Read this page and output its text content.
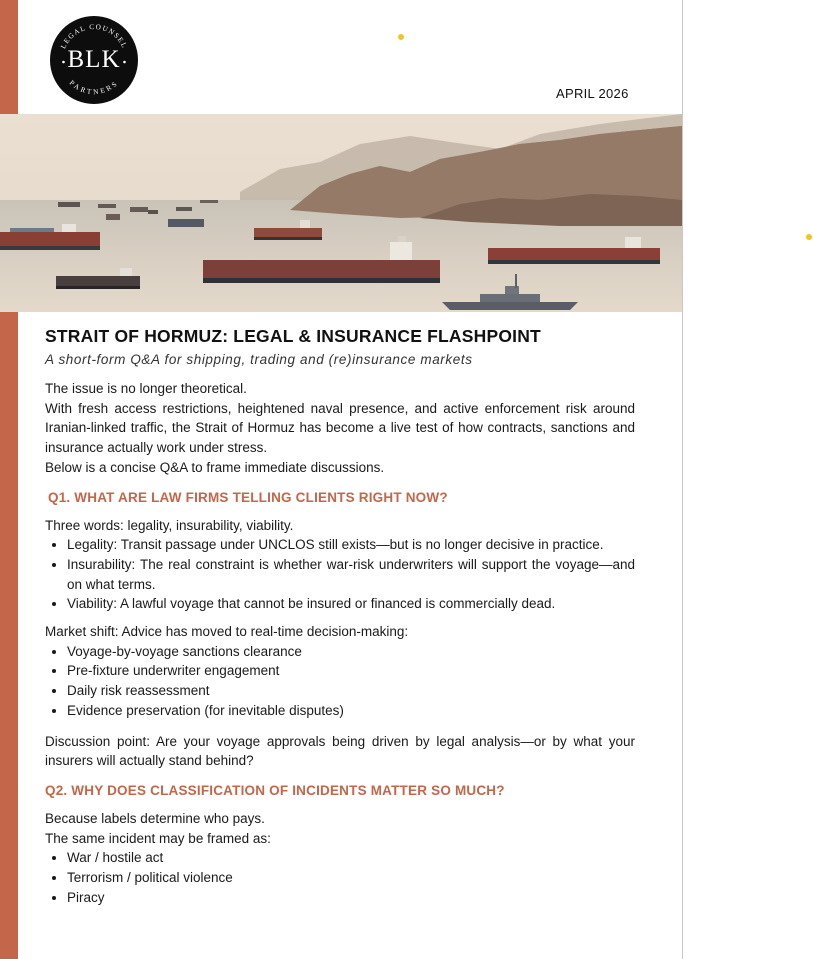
LEGAL COUNSEL
PARTNERS
BLK
APRIL 2026
STRAIT OF HORMUZ: LEGAL & INSURANCE FLASHPOINT
A short-form Q&A for shipping, trading and (re)insurance markets

The issue is no longer theoretical.

With fresh access restrictions, heightened naval presence, and active enforcement risk around Iranian-linked traffic, the Strait of Hormuz has become a live test of how contracts, sanctions and insurance actually work under stress.

Below is a concise Q&A to frame immediate discussions.

Q1. WHAT ARE LAW FIRMS TELLING CLIENTS RIGHT NOW?

Three words: legality, insurability, viability.

• Legality: Transit passage under UNCLOS still exists—but is no longer decisive in practice.
• Insurability: The real constraint is whether war-risk underwriters will support the voyage—and on what terms.
• Viability: A lawful voyage that cannot be insured or financed is commercially dead.

Market shift: Advice has moved to real-time decision-making:

• Voyage-by-voyage sanctions clearance
• Pre-fixture underwriter engagement
• Daily risk reassessment
• Evidence preservation (for inevitable disputes)

Discussion point: Are your voyage approvals being driven by legal analysis—or by what your insurers will actually stand behind?

Q2. WHY DOES CLASSIFICATION OF INCIDENTS MATTER SO MUCH?

Because labels determine who pays.

The same incident may be framed as:

• War / hostile act
• Terrorism / political violence
• Piracy
